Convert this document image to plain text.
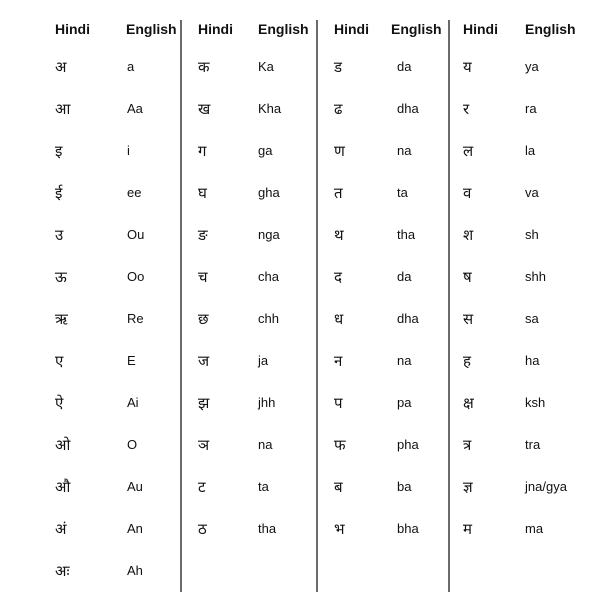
Hindi	English
अ	a
आ	Aa
इ	i
ई	ee
उ	Ou
ऊ	Oo
ऋ	Re
ए	E
ऐ	Ai
ओ	O
औ	Au
अं	An
अः	Ah
Hindi English
क	Ka
ख	Kha
ग	ga
घ	gha
ङ	nga
च	cha
छ	chh
ज	ja
झ	jhh
ञ	na
ट	ta
ठ	tha
Hindi English
ड	da
ढ	dha
ण	na
त	ta
थ	tha
द	da
ध	dha
न	na
प	pa
फ	pha
ब	ba
भ	bha
Hindi English
य	ya
र	ra
ल	la
व	va
श	sh
ष	shh
स	sa
ह	ha
क्ष	ksh
त्र	tra
ज्ञ	jna/gya
म	ma
